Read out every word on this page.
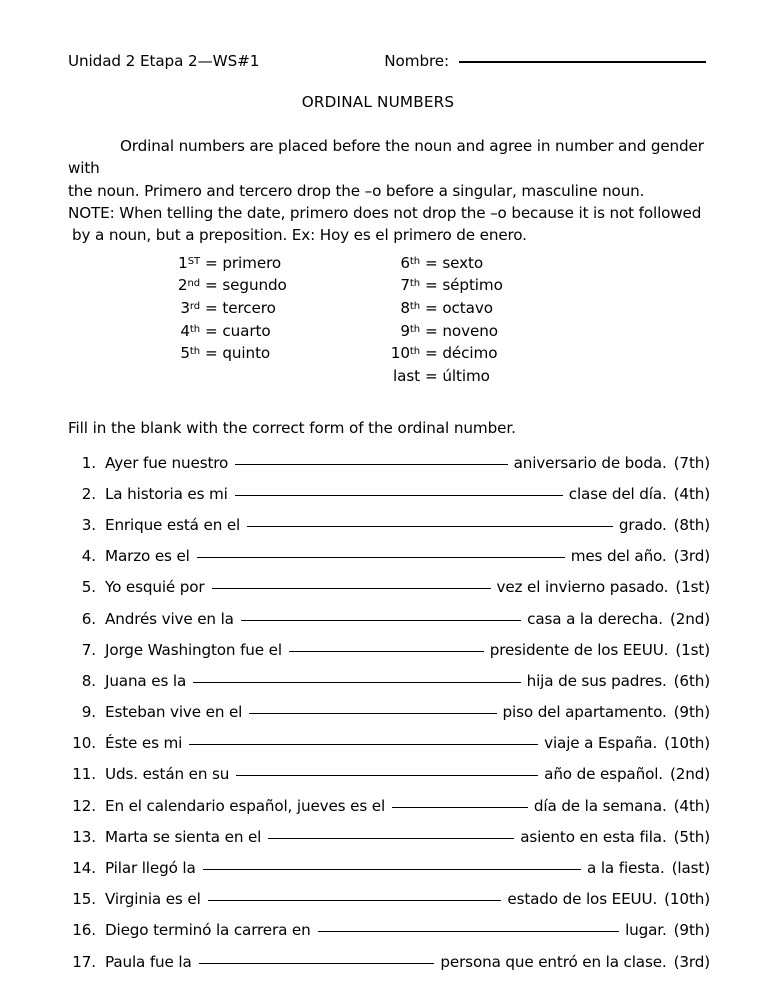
Unidad 2 Etapa 2—WS#1	Nombre:
ORDINAL NUMBERS

Ordinal numbers are placed before the noun and agree in number and gender with

the noun. Primero and tercero drop the –o before a singular, masculine noun.

NOTE: When telling the date, primero does not drop the –o because it is not followed

by a noun, but a preposition. Ex: Hoy es el primero de enero.

1ST = primero
2nd = segundo
3rd = tercero
4th = cuarto
5th = quinto
6th = sexto
7th = séptimo
8th = octavo
9th = noveno
10th = décimo
last = último
Fill in the blank with the correct form of the ordinal number.
1. Ayer fue nuestro	aniversario de boda. (7th)
2. La historia es mi	clase del día. (4th)
3. Enrique está en el	grado. (8th)
4. Marzo es el	mes del año. (3rd)
5. Yo esquié por	vez el invierno pasado. (1st)
6. Andrés vive en la	casa a la derecha. (2nd)
7. Jorge Washington fue el	presidente de los EEUU. (1st)
8. Juana es la	hija de sus padres. (6th)
9. Esteban vive en el	piso del apartamento. (9th)
10. Éste es mi	viaje a España. (10th)
11. Uds. están en su	año de español. (2nd)
12. En el calendario español, jueves es el	día de la semana. (4th)
13. Marta se sienta en el	asiento en esta fila. (5th)
14. Pilar llegó la	a la fiesta. (last)
15. Virginia es el	estado de los EEUU. (10th)
16. Diego terminó la carrera en	lugar. (9th)
17. Paula fue la	persona que entró en la clase. (3rd)
